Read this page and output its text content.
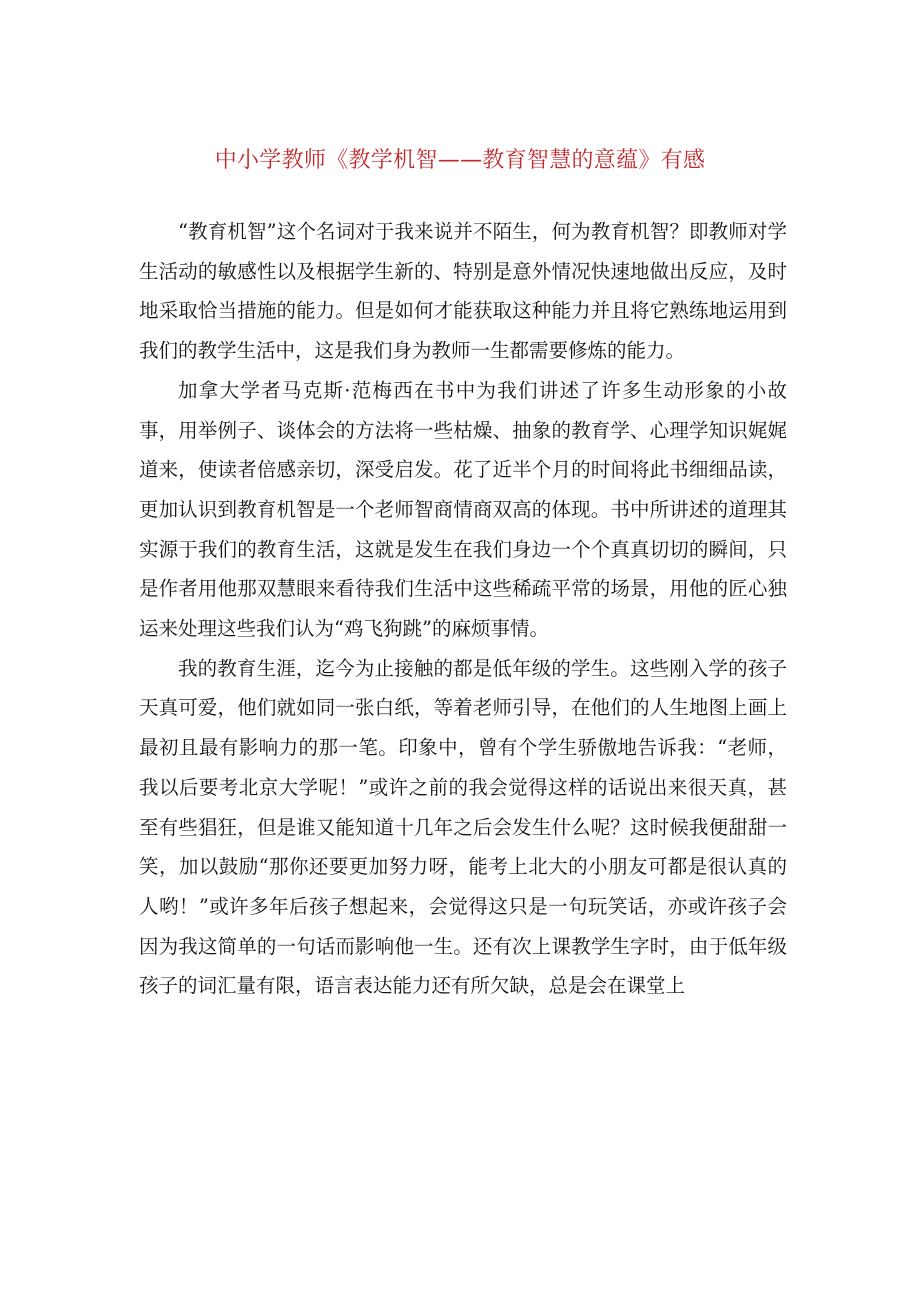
中小学教师《教学机智——教育智慧的意蕴》有感

“教育机智”这个名词对于我来说并不陌生，何为教育机智？即教师对学生活动的敏感性以及根据学生新的、特别是意外情况快速地做出反应，及时地采取恰当措施的能力。但是如何才能获取这种能力并且将它熟练地运用到我们的教学生活中，这是我们身为教师一生都需要修炼的能力。

加拿大学者马克斯·范梅西在书中为我们讲述了许多生动形象的小故事，用举例子、谈体会的方法将一些枯燥、抽象的教育学、心理学知识娓娓道来，使读者倍感亲切，深受启发。花了近半个月的时间将此书细细品读，更加认识到教育机智是一个老师智商情商双高的体现。书中所讲述的道理其实源于我们的教育生活，这就是发生在我们身边一个个真真切切的瞬间，只是作者用他那双慧眼来看待我们生活中这些稀疏平常的场景，用他的匠心独运来处理这些我们认为“鸡飞狗跳”的麻烦事情。

我的教育生涯，迄今为止接触的都是低年级的学生。这些刚入学的孩子天真可爱，他们就如同一张白纸，等着老师引导，在他们的人生地图上画上最初且最有影响力的那一笔。印象中，曾有个学生骄傲地告诉我：“老师，我以后要考北京大学呢！”或许之前的我会觉得这样的话说出来很天真，甚至有些猖狂，但是谁又能知道十几年之后会发生什么呢？这时候我便甜甜一笑，加以鼓励“那你还要更加努力呀，能考上北大的小朋友可都是很认真的人哟！”或许多年后孩子想起来，会觉得这只是一句玩笑话，亦或许孩子会因为我这简单的一句话而影响他一生。还有次上课教学生字时，由于低年级孩子的词汇量有限，语言表达能力还有所欠缺，总是会在课堂上
